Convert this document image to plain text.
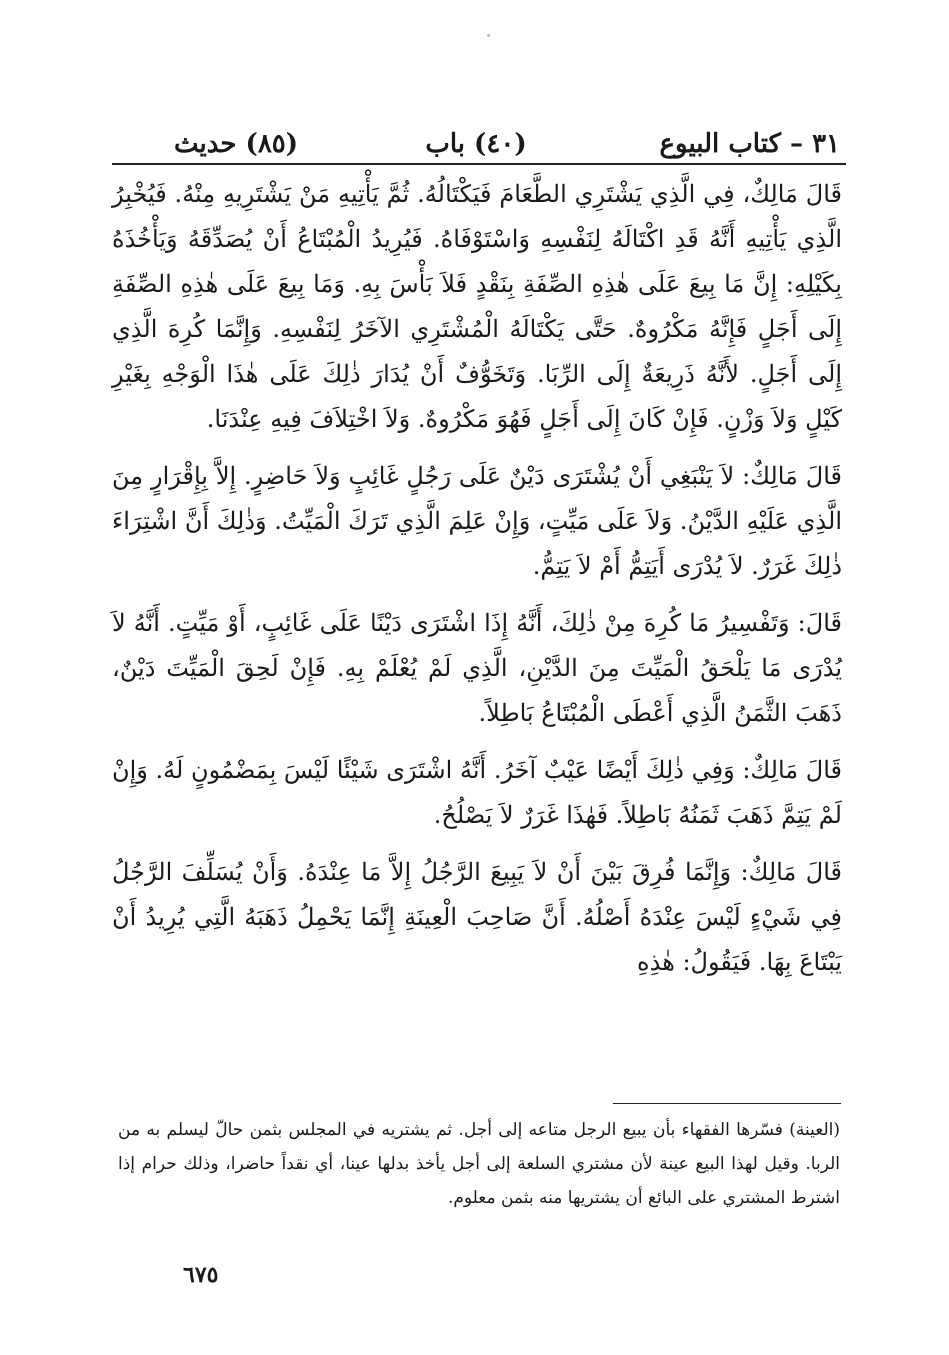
٣١ – كتاب البيوع
(٤٠) باب
(٨٥) حديث

قَالَ مَالِكٌ، فِي الَّذِي يَشْتَرِي الطَّعَامَ فَيَكْتَالُهُ. ثُمَّ يَأْتِيهِ مَنْ يَشْتَرِيهِ مِنْهُ. فَيُخْبِرُ الَّذِي يَأْتِيهِ أَنَّهُ قَدِ اكْتَالَهُ لِنَفْسِهِ وَاسْتَوْفَاهُ. فَيُرِيدُ الْمُبْتَاعُ أَنْ يُصَدِّقَهُ وَيَأْخُذَهُ بِكَيْلِهِ: إِنَّ مَا بِيعَ عَلَى هٰذِهِ الصِّفَةِ بِنَقْدٍ فَلاَ بَأْسَ بِهِ. وَمَا بِيعَ عَلَى هٰذِهِ الصِّفَةِ إِلَى أَجَلٍ فَإِنَّهُ مَكْرُوهٌ. حَتَّى يَكْتَالَهُ الْمُشْتَرِي الآخَرُ لِنَفْسِهِ. وَإِنَّمَا كُرِهَ الَّذِي إِلَى أَجَلٍ. لأَنَّهُ ذَرِيعَةٌ إِلَى الرِّبَا. وَتَخَوُّفٌ أَنْ يُدَارَ ذٰلِكَ عَلَى هٰذَا الْوَجْهِ بِغَيْرِ كَيْلٍ وَلاَ وَزْنٍ. فَإِنْ كَانَ إِلَى أَجَلٍ فَهُوَ مَكْرُوهٌ. وَلاَ اخْتِلاَفَ فِيهِ عِنْدَنَا.

قَالَ مَالِكٌ: لاَ يَنْبَغِي أَنْ يُشْتَرَى دَيْنٌ عَلَى رَجُلٍ غَائِبٍ وَلاَ حَاضِرٍ. إِلاَّ بِإِقْرَارٍ مِنَ الَّذِي عَلَيْهِ الدَّيْنُ. وَلاَ عَلَى مَيِّتٍ، وَإِنْ عَلِمَ الَّذِي تَرَكَ الْمَيِّتُ. وَذٰلِكَ أَنَّ اشْتِرَاءَ ذٰلِكَ غَرَرٌ. لاَ يُدْرَى أَيَتِمُّ أَمْ لاَ يَتِمُّ.

قَالَ: وَتَفْسِيرُ مَا كُرِهَ مِنْ ذٰلِكَ، أَنَّهُ إِذَا اشْتَرَى دَيْنًا عَلَى غَائِبٍ، أَوْ مَيِّتٍ. أَنَّهُ لاَ يُدْرَى مَا يَلْحَقُ الْمَيِّتَ مِنَ الدَّيْنِ، الَّذِي لَمْ يُعْلَمْ بِهِ. فَإِنْ لَحِقَ الْمَيِّتَ دَيْنٌ، ذَهَبَ الثَّمَنُ الَّذِي أَعْطَى الْمُبْتَاعُ بَاطِلاً.

قَالَ مَالِكٌ: وَفِي ذٰلِكَ أَيْضًا عَيْبٌ آخَرُ. أَنَّهُ اشْتَرَى شَيْئًا لَيْسَ بِمَضْمُونٍ لَهُ. وَإِنْ لَمْ يَتِمَّ ذَهَبَ ثَمَنُهُ بَاطِلاً. فَهٰذَا غَرَرٌ لاَ يَصْلُحُ.

قَالَ مَالِكٌ: وَإِنَّمَا فُرِقَ بَيْنَ أَنْ لاَ يَبِيعَ الرَّجُلُ إِلاَّ مَا عِنْدَهُ. وَأَنْ يُسَلِّفَ الرَّجُلُ فِي شَيْءٍ لَيْسَ عِنْدَهُ أَصْلُهُ. أَنَّ صَاحِبَ الْعِينَةِ إِنَّمَا يَحْمِلُ ذَهَبَهُ الَّتِي يُرِيدُ أَنْ يَبْتَاعَ بِهَا. فَيَقُولُ: هٰذِهِ

(العينة) فسّرها الفقهاء بأن يبيع الرجل متاعه إلى أجل. ثم يشتريه في المجلس بثمن حالّ ليسلم به من الربا. وقيل لهذا البيع عينة لأن مشتري السلعة إلى أجل يأخذ بدلها عينا، أي نقداً حاضرا، وذلك حرام إذا اشترط المشتري على البائع أن يشتريها منه بثمن معلوم.
٦٧٥
